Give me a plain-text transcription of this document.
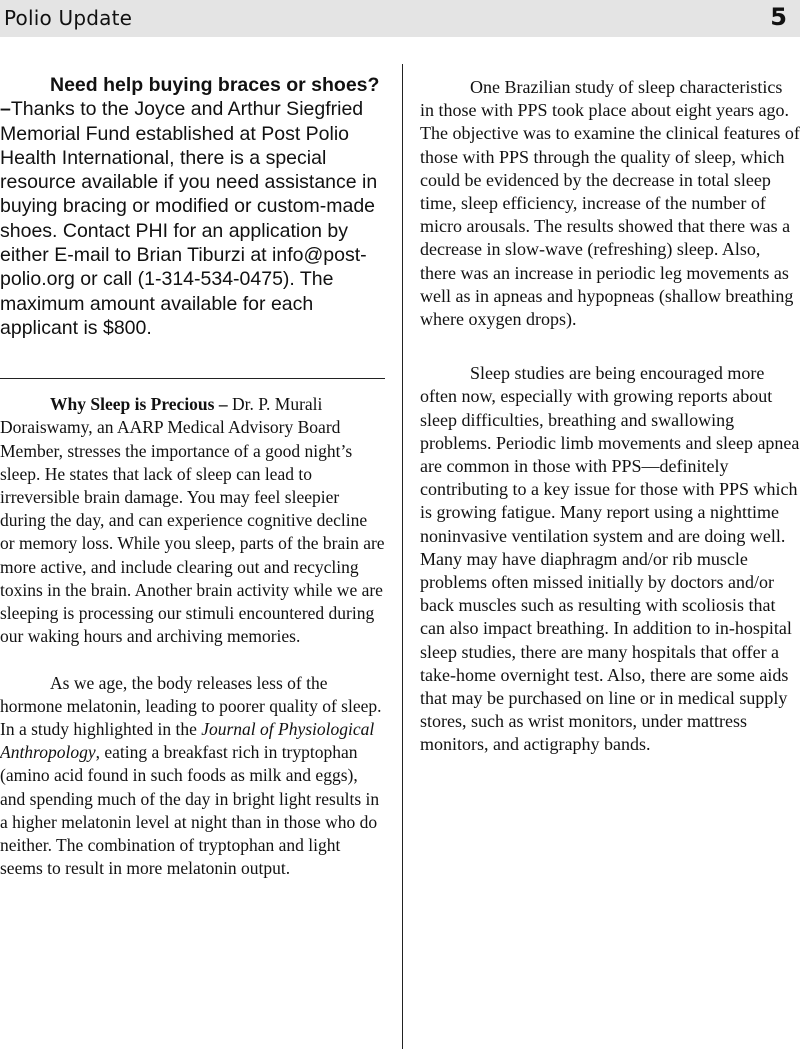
Polio Update	5

Need help buying braces or shoes? –Thanks to the Joyce and Arthur Siegfried Memorial Fund established at Post Polio Health International, there is a special resource available if you need assistance in buying bracing or modified or custom-made shoes. Contact PHI for an application by either E-mail to Brian Tiburzi at info@post-polio.org or call (1-314-534-0475). The maximum amount available for each applicant is $800.

Why Sleep is Precious – Dr. P. Murali Doraiswamy, an AARP Medical Advisory Board Member, stresses the importance of a good night’s sleep. He states that lack of sleep can lead to irreversible brain damage. You may feel sleepier during the day, and can experience cognitive decline or memory loss. While you sleep, parts of the brain are more active, and include clearing out and recycling toxins in the brain. Another brain activity while we are sleeping is processing our stimuli encountered during our waking hours and archiving memories.

As we age, the body releases less of the hormone melatonin, leading to poorer quality of sleep. In a study highlighted in the Journal of Physiological Anthropology, eating a breakfast rich in tryptophan (amino acid found in such foods as milk and eggs), and spending much of the day in bright light results in a higher melatonin level at night than in those who do neither. The combination of tryptophan and light seems to result in more melatonin output.

One Brazilian study of sleep characteristics in those with PPS took place about eight years ago. The objective was to examine the clinical features of those with PPS through the quality of sleep, which could be evidenced by the decrease in total sleep time, sleep efficiency, increase of the number of micro arousals. The results showed that there was a decrease in slow-wave (refreshing) sleep. Also, there was an increase in periodic leg movements as well as in apneas and hypopneas (shallow breathing where oxygen drops).

Sleep studies are being encouraged more often now, especially with growing reports about sleep difficulties, breathing and swallowing problems. Periodic limb movements and sleep apnea are common in those with PPS—definitely contributing to a key issue for those with PPS which is growing fatigue. Many report using a nighttime noninvasive ventilation system and are doing well. Many may have diaphragm and/or rib muscle problems often missed initially by doctors and/or back muscles such as resulting with scoliosis that can also impact breathing. In addition to in-hospital sleep studies, there are many hospitals that offer a take-home overnight test. Also, there are some aids that may be purchased on line or in medical supply stores, such as wrist monitors, under mattress monitors, and actigraphy bands.
